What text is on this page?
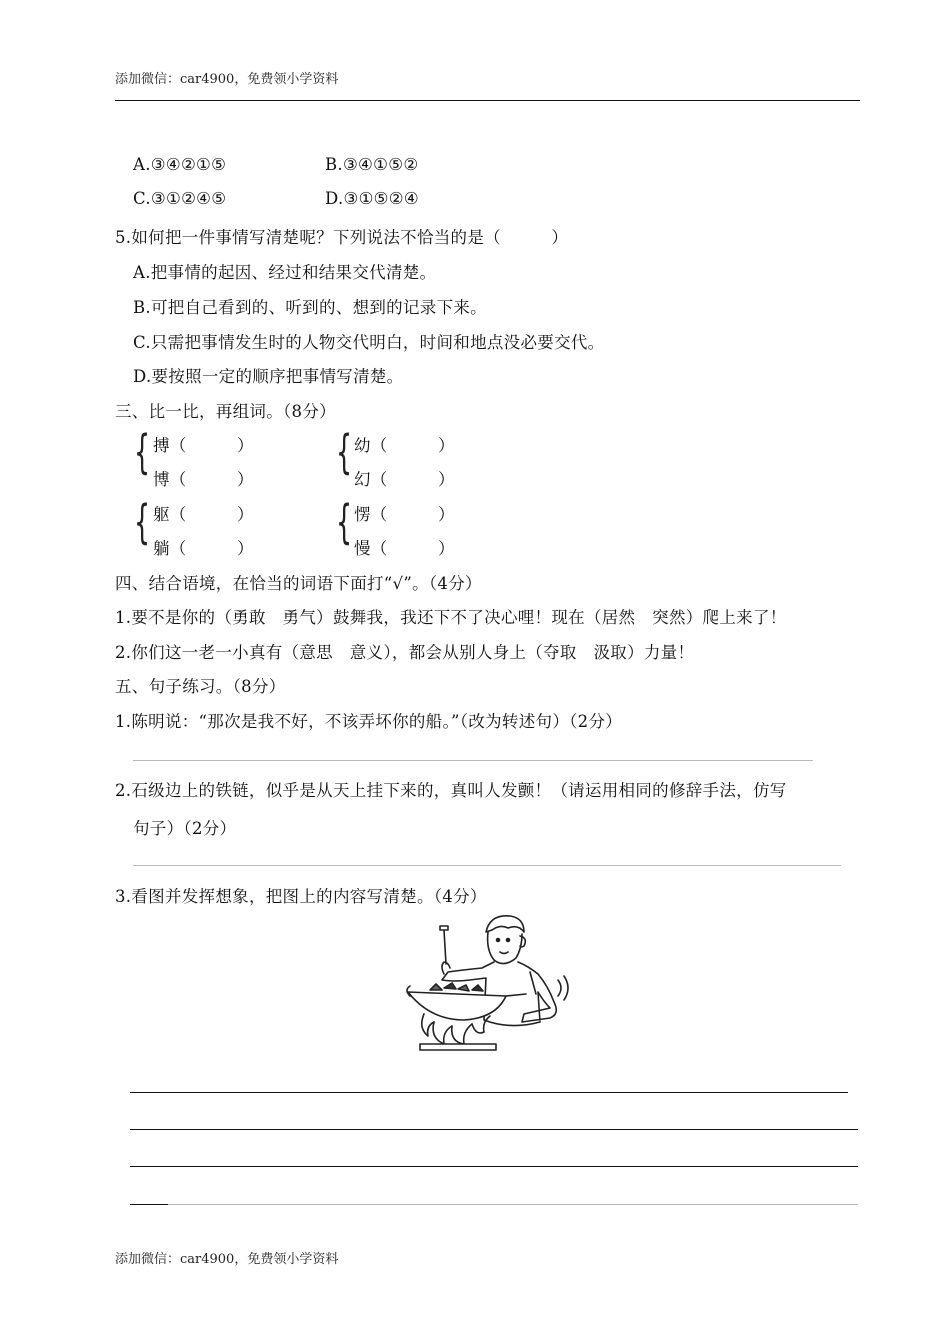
添加微信：car4900，免费领小学资料
A.③④②①⑤	B.③④①⑤②
C.③①②④⑤	D.③①⑤②④
5.如何把一件事情写清楚呢？下列说法不恰当的是（　　　）
A.把事情的起因、经过和结果交代清楚。
B.可把自己看到的、听到的、想到的记录下来。
C.只需把事情发生时的人物交代明白，时间和地点没必要交代。
D.要按照一定的顺序把事情写清楚。
三、比一比，再组词。（8分）
{ 搏（　　　）
博（　　　）
{ 幼（　　　）
幻（　　　）
{ 躯（　　　）
躺（　　　） { 愣（　　　）
慢（　　　）
四、结合语境，在恰当的词语下面打“√”。（4分）
1.要不是你的（勇敢　勇气）鼓舞我，我还下不了决心哩！现在（居然　突然）爬上来了！
2.你们这一老一小真有（意思　意义），都会从别人身上（夺取　汲取）力量！
五、句子练习。（8分）
1.陈明说：“那次是我不好，不该弄坏你的船。”（改为转述句）（2分）
2.石级边上的铁链，似乎是从天上挂下来的，真叫人发颤！（请运用相同的修辞手法，仿写
句子）（2分）
3.看图并发挥想象，把图上的内容写清楚。（4分）
添加微信：car4900，免费领小学资料
